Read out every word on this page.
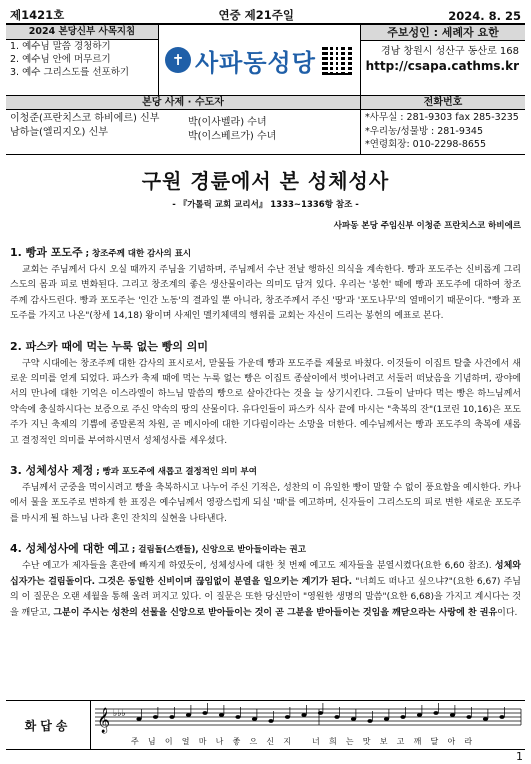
제1421호	연중 제21주일	2024. 8. 25
2024 본당신부 사목지침
1. 예수님 말씀 경청하기
2. 예수님 안에 머무르기
3. 예수 그리스도를 선포하기
✝ 사파동성당
주보성인 : 세례자 요한
경남 창원시 성산구 동산로 168
http://csapa.cathms.kr
본당 사제 · 수도자
이청준(프란치스코 하비에르) 신부
남하늘(엘리지오) 신부
박(이사벨라) 수녀
박(이스베르가) 수녀
전화번호
*사무실 : 281-9303 fax 285-3235
*우리농/성물방 : 281-9345
*연령회장: 010-2298-8655
구원 경륜에서 본 성체성사
- 『가톨릭 교회 교리서』 1333~1336항 참조 -
사파동 본당 주임신부 이청준 프란치스코 하비에르
1. 빵과 포도주 ; 창조주께 대한 감사의 표시

교회는 주님께서 다시 오실 때까지 주님을 기념하며, 주님께서 수난 전날 행하신 의식을 계속한다. 빵과 포도주는 신비롭게 그리스도의 몸과 피로 변화된다. 그리고 창조계의 좋은 생산물이라는 의미도 담겨 있다. 우리는 '봉헌' 때에 빵과 포도주에 대하여 창조주께 감사드린다. 빵과 포도주는 '인간 노동'의 결과일 뿐 아니라, 창조주께서 주신 '땅'과 '포도나무'의 열매이기 때문이다. "빵과 포도주를 가지고 나온"(창세 14,18) 왕이며 사제인 멜키체덱의 행위를 교회는 자신이 드리는 봉헌의 예표로 본다.

2. 파스카 때에 먹는 누룩 없는 빵의 의미

구약 시대에는 창조주께 대한 감사의 표시로서, 맏물들 가운데 빵과 포도주를 제물로 바쳤다. 이것들이 이집트 탈출 사건에서 새로운 의미를 얻게 되었다. 파스카 축제 때에 먹는 누룩 없는 빵은 이집트 종살이에서 벗어나려고 서둘러 떠났음을 기념하며, 광야에서의 만나에 대한 기억은 이스라엘이 하느님 말씀의 빵으로 살아간다는 것을 늘 상기시킨다. 그들이 날마다 먹는 빵은 하느님께서 약속에 충실하시다는 보증으로 주신 약속의 땅의 산물이다. 유다인들이 파스카 식사 끝에 마시는 "축복의 잔"(1코린 10,16)은 포도주가 지닌 축제의 기쁨에 종말론적 차원, 곧 메시아에 대한 기다림이라는 소망을 더한다. 예수님께서는 빵과 포도주의 축복에 새롭고 결정적인 의미를 부여하시면서 성체성사를 세우셨다.

3. 성체성사 제정 ; 빵과 포도주에 새롭고 결정적인 의미 부여

주님께서 군중을 먹이시려고 빵을 축복하시고 나누어 주신 기적은, 성찬의 이 유일한 빵이 말할 수 없이 풍요함을 예시한다. 카나에서 물을 포도주로 변하게 한 표징은 예수님께서 영광스럽게 되실 '때'를 예고하며, 신자들이 그리스도의 피로 변한 새로운 포도주를 마시게 될 하느님 나라 혼인 잔치의 실현을 나타낸다.

4. 성체성사에 대한 예고 ; 걸림돌(스캔들), 신앙으로 받아들이라는 권고

수난 예고가 제자들을 혼란에 빠지게 하였듯이, 성체성사에 대한 첫 번째 예고도 제자들을 분열시켰다(요한 6,60 참조). 성체와 십자가는 걸림돌이다. 그것은 동일한 신비이며 끊임없이 분열을 일으키는 계기가 된다. "너희도 떠나고 싶으냐?"(요한 6,67) 주님의 이 질문은 오랜 세월을 통해 울려 퍼지고 있다. 이 질문은 또한 당신만이 "영원한 생명의 말씀"(요한 6,68)을 가지고 계시다는 것을 깨닫고, 그분이 주시는 성찬의 선물을 신앙으로 받아들이는 것이 곧 그분을 받아들이는 것임을 깨닫으라는 사랑에 찬 권유이다.

화답송	𝄞 ♭♭♭
주님이얼마나좋으신지 너희는맛보고깨달아라
1
